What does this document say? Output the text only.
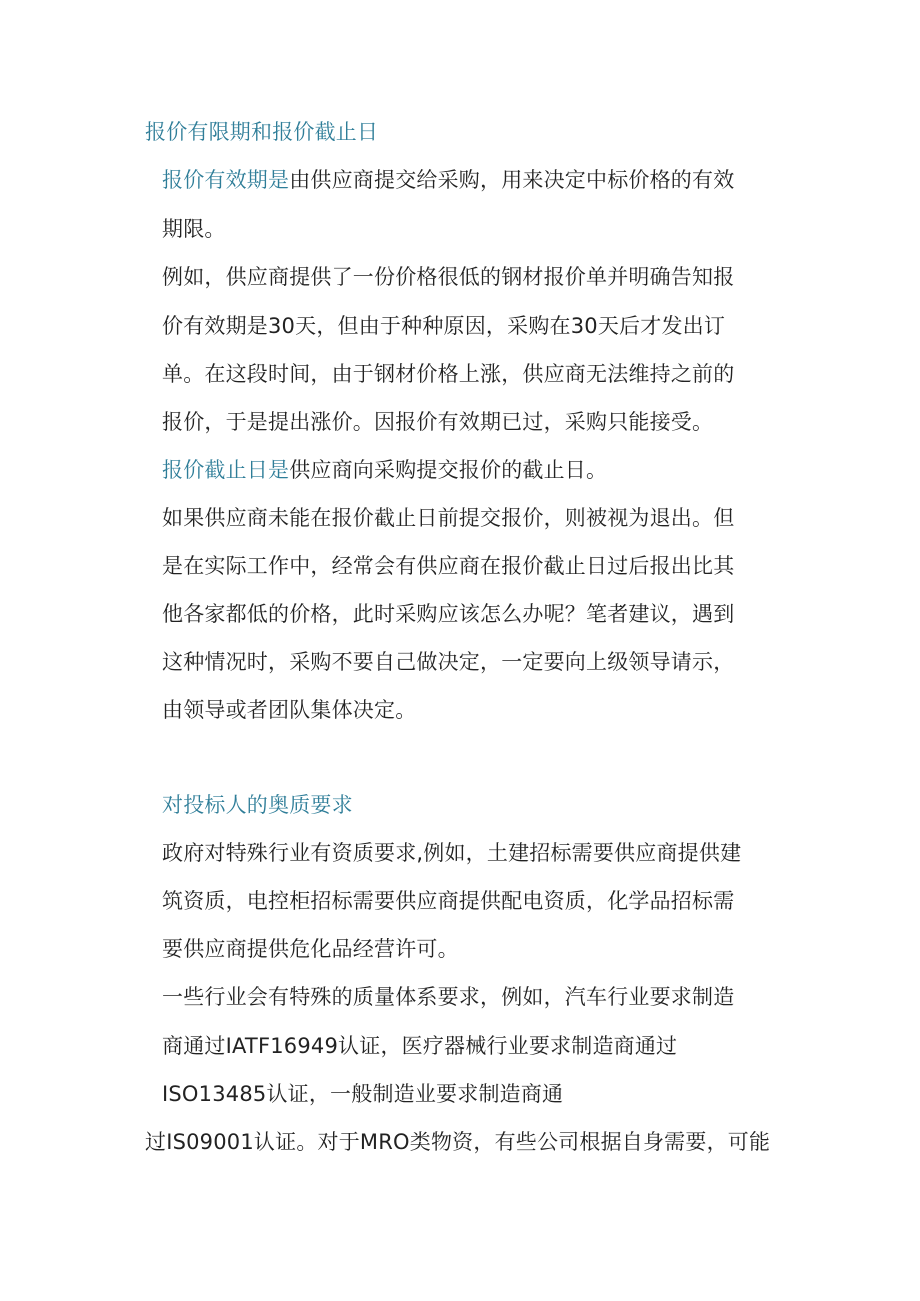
报价有限期和报价截止日
报价有效期是由供应商提交给采购，用来决定中标价格的有效
期限。
例如，供应商提供了一份价格很低的钢材报价单并明确告知报
价有效期是30天，但由于种种原因，采购在30天后才发出订
单。在这段时间，由于钢材价格上涨，供应商无法维持之前的
报价，于是提出涨价。因报价有效期已过，采购只能接受。
报价截止日是供应商向采购提交报价的截止日。
如果供应商未能在报价截止日前提交报价，则被视为退出。但
是在实际工作中，经常会有供应商在报价截止日过后报出比其
他各家都低的价格，此时采购应该怎么办呢？笔者建议，遇到
这种情况时，采购不要自己做决定，一定要向上级领导请示，
由领导或者团队集体决定。
对投标人的奥质要求
政府对特殊行业有资质要求,例如，土建招标需要供应商提供建
筑资质，电控柜招标需要供应商提供配电资质，化学品招标需
要供应商提供危化品经营许可。
一些行业会有特殊的质量体系要求，例如，汽车行业要求制造
商通过IATF16949认证，医疗器械行业要求制造商通过
ISO13485认证，一般制造业要求制造商通
过IS09001认证。对于MRO类物资，有些公司根据自身需要，可能
